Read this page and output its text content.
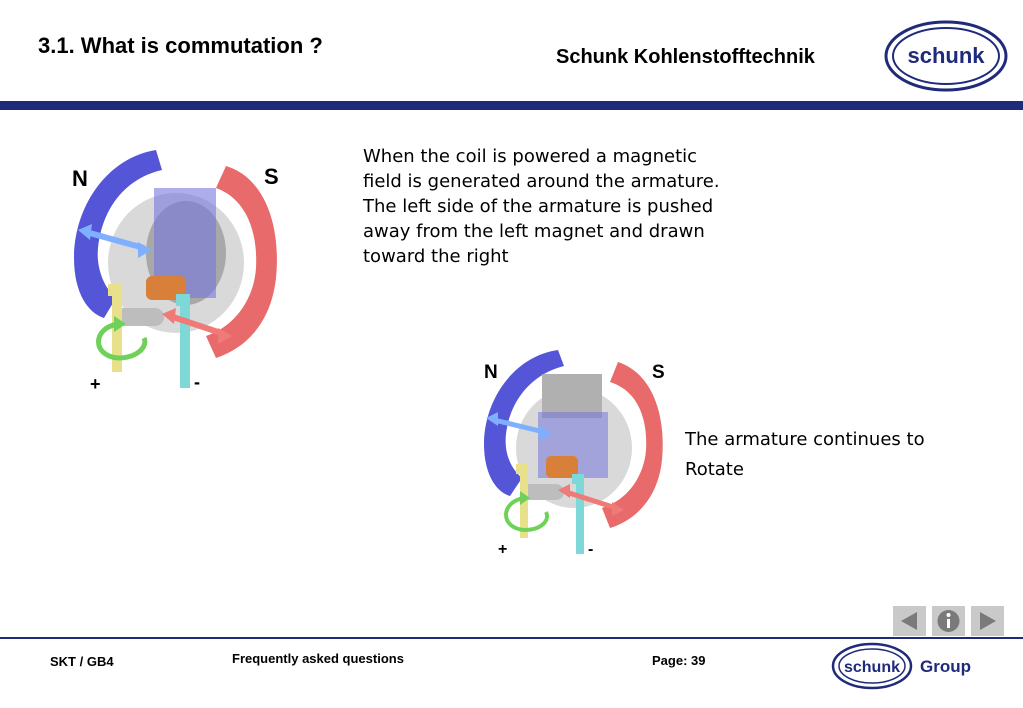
3.1. What is commutation ?	Schunk Kohlenstofftechnik	schunk
N	S
+	-
When the coil is powered a magnetic
field is generated around the armature.
The left side of the armature is pushed
away from the left magnet and drawn
toward the right
N	S
+	-
The armature continues to
Rotate
SKT / GB4	Frequently asked questions	Page: 39	schunk Group
